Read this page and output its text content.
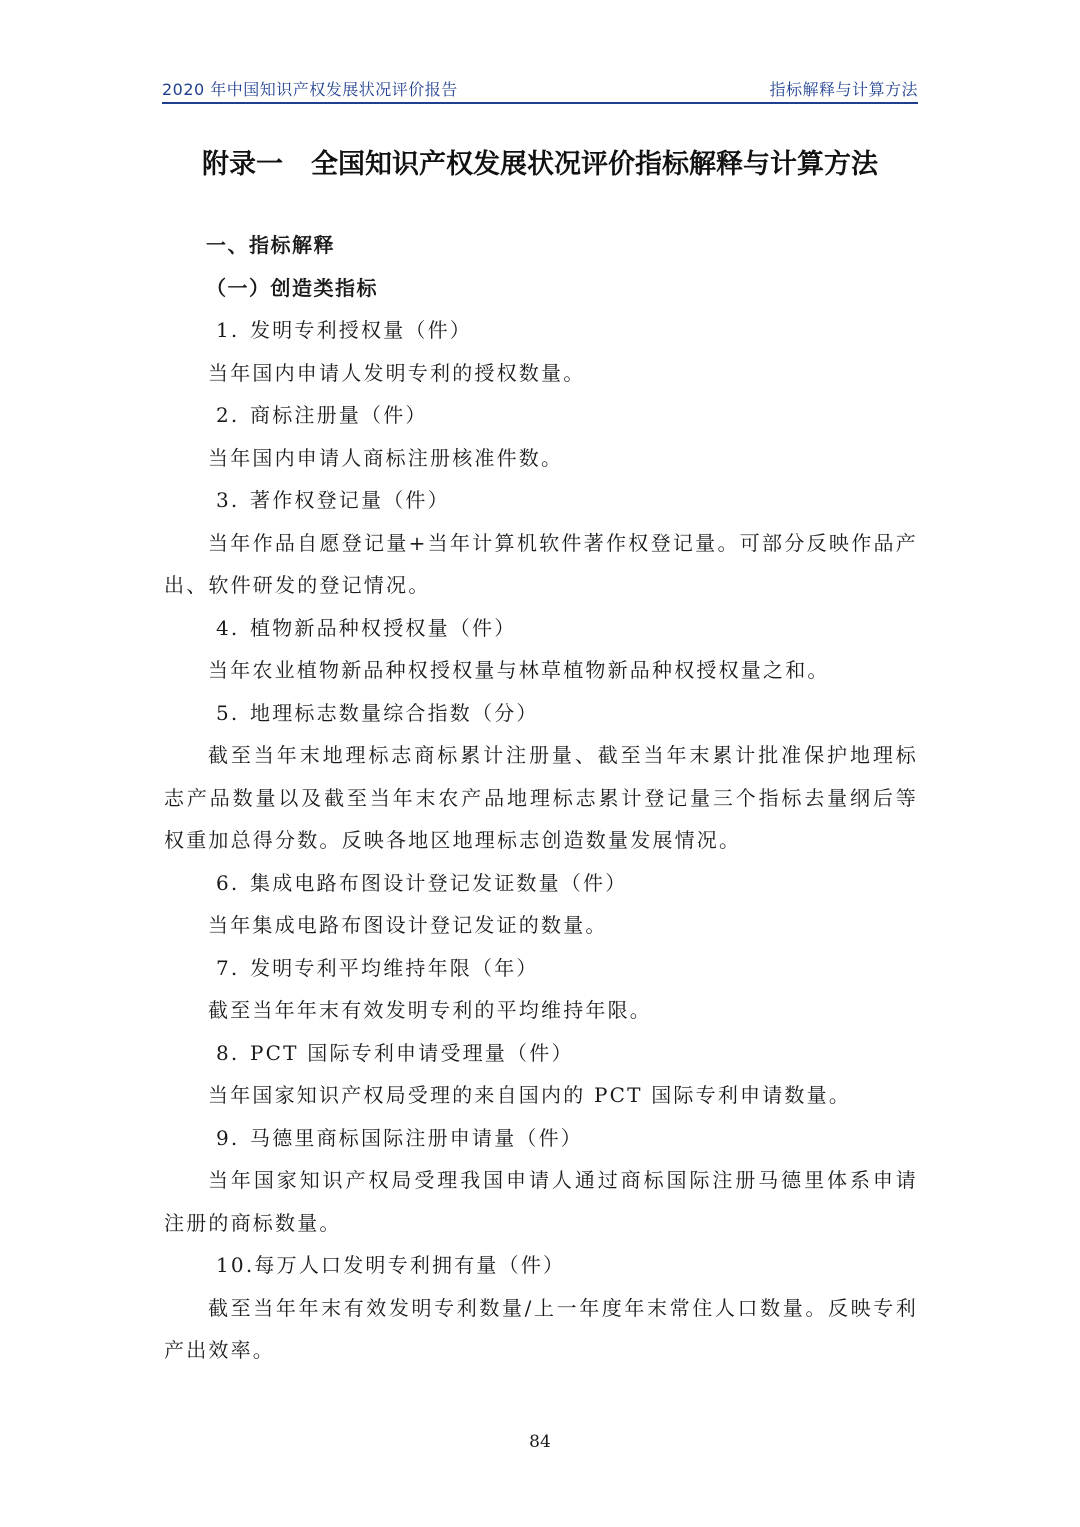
2020 年中国知识产权发展状况评价报告	指标解释与计算方法
附录一 全国知识产权发展状况评价指标解释与计算方法

一、指标解释

（一）创造类指标

1. 发明专利授权量（件）

当年国内申请人发明专利的授权数量。

2. 商标注册量（件）

当年国内申请人商标注册核准件数。

3. 著作权登记量（件）

当年作品自愿登记量+当年计算机软件著作权登记量。可部分反映作品产出、软件研发的登记情况。

4. 植物新品种权授权量（件）

当年农业植物新品种权授权量与林草植物新品种权授权量之和。

5. 地理标志数量综合指数（分）

截至当年末地理标志商标累计注册量、截至当年末累计批准保护地理标志产品数量以及截至当年末农产品地理标志累计登记量三个指标去量纲后等权重加总得分数。反映各地区地理标志创造数量发展情况。

6. 集成电路布图设计登记发证数量（件）

当年集成电路布图设计登记发证的数量。

7. 发明专利平均维持年限（年）

截至当年年末有效发明专利的平均维持年限。

8. PCT 国际专利申请受理量（件）

当年国家知识产权局受理的来自国内的 PCT 国际专利申请数量。

9. 马德里商标国际注册申请量（件）

当年国家知识产权局受理我国申请人通过商标国际注册马德里体系申请注册的商标数量。

10.每万人口发明专利拥有量（件）

截至当年年末有效发明专利数量/上一年度年末常住人口数量。反映专利产出效率。

84
